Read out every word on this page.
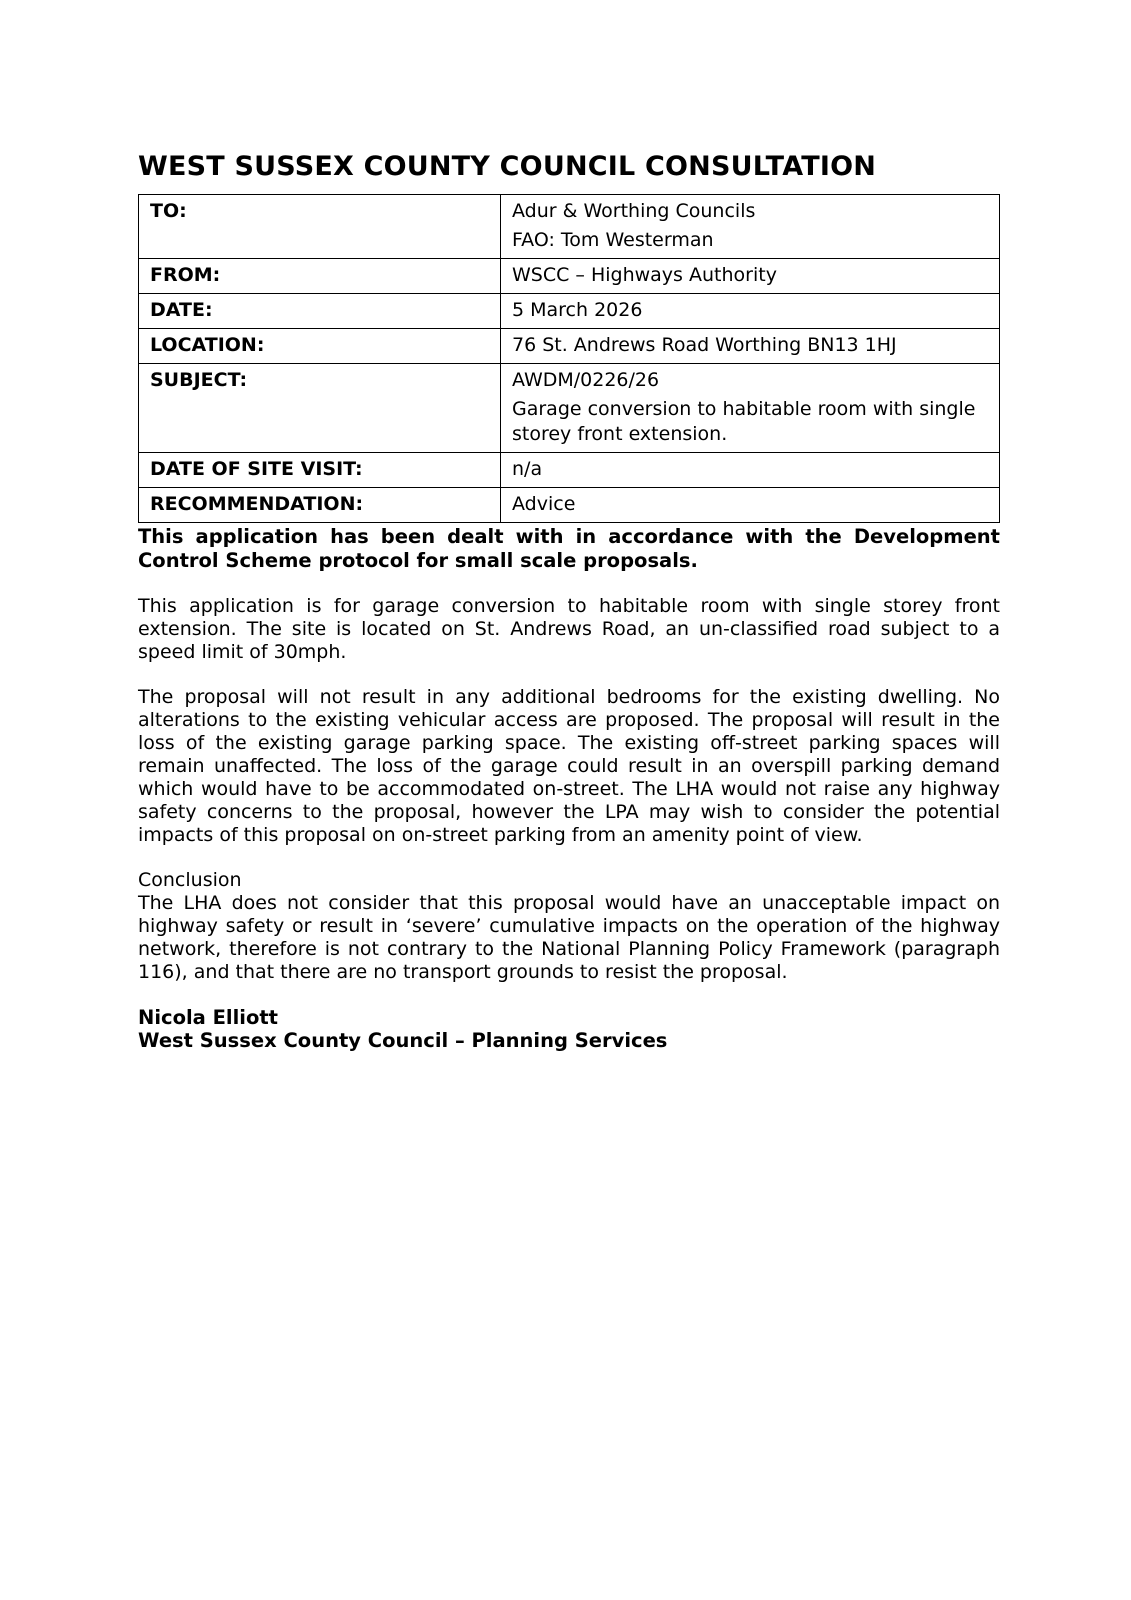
WEST SUSSEX COUNTY COUNCIL CONSULTATION
TO:	Adur & Worthing Councils
FAO: Tom Westerman

FROM:	WSCC – Highways Authority
DATE:	5 March 2026
LOCATION:	76 St. Andrews Road Worthing BN13 1HJ
SUBJECT:	AWDM/0226/26
Garage conversion to habitable room with single storey front extension.

DATE OF SITE VISIT:	n/a
RECOMMENDATION:	Advice

This application has been dealt with in accordance with the Development Control Scheme protocol for small scale proposals.

This application is for garage conversion to habitable room with single storey front extension. The site is located on St. Andrews Road, an un-classified road subject to a speed limit of 30mph.

The proposal will not result in any additional bedrooms for the existing dwelling. No alterations to the existing vehicular access are proposed. The proposal will result in the loss of the existing garage parking space. The existing off-street parking spaces will remain unaffected. The loss of the garage could result in an overspill parking demand which would have to be accommodated on-street. The LHA would not raise any highway safety concerns to the proposal, however the LPA may wish to consider the potential impacts of this proposal on on-street parking from an amenity point of view.

Conclusion

The LHA does not consider that this proposal would have an unacceptable impact on highway safety or result in ‘severe’ cumulative impacts on the operation of the highway network, therefore is not contrary to the National Planning Policy Framework (paragraph 116), and that there are no transport grounds to resist the proposal.

Nicola Elliott
West Sussex County Council – Planning Services
